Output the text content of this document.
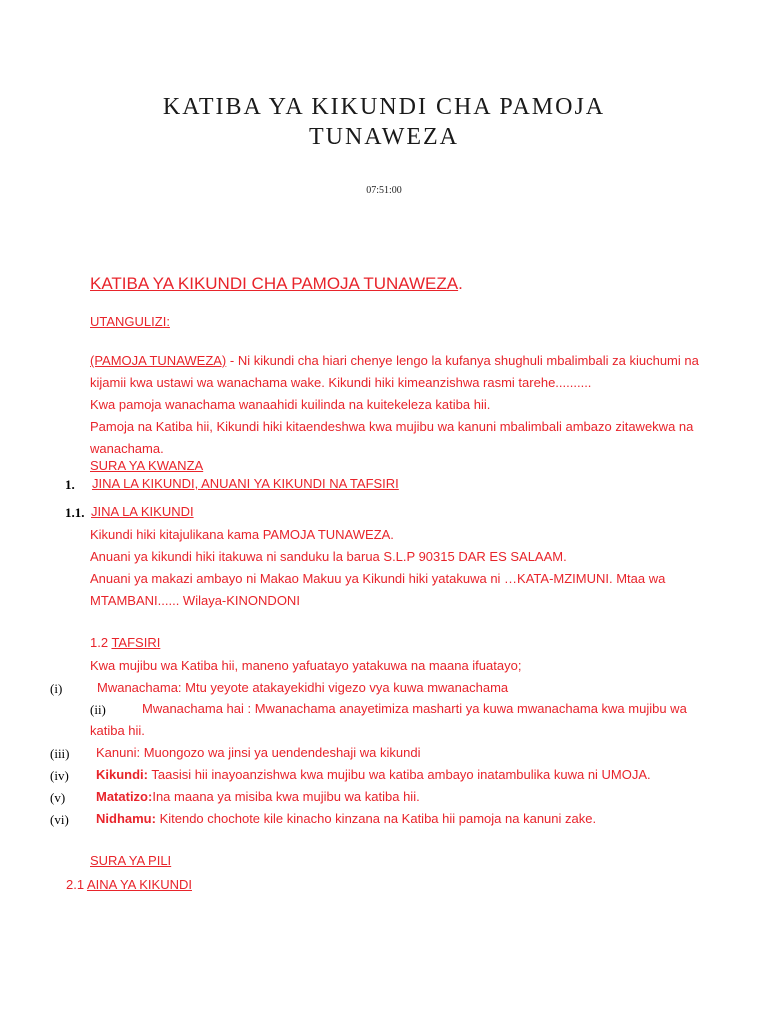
KATIBA YA KIKUNDI CHA PAMOJA
TUNAWEZA
07:51:00
KATIBA YA KIKUNDI CHA PAMOJA TUNAWEZA.
UTANGULIZI:
(PAMOJA TUNAWEZA) - Ni kikundi cha hiari chenye lengo la kufanya shughuli mbalimbali za kiuchumi na
kijamii kwa ustawi wa wanachama wake. Kikundi hiki kimeanzishwa rasmi tarehe..........
Kwa pamoja wanachama wanaahidi kuilinda na kuitekeleza katiba hii.
Pamoja na Katiba hii, Kikundi hiki kitaendeshwa kwa mujibu wa kanuni mbalimbali ambazo zitawekwa na
wanachama.
SURA YA KWANZA
1. JINA LA KIKUNDI, ANUANI YA KIKUNDI NA TAFSIRI
1.1. JINA LA KIKUNDI
Kikundi hiki kitajulikana kama PAMOJA TUNAWEZA.
Anuani ya kikundi hiki itakuwa ni sanduku la barua S.L.P 90315 DAR ES SALAAM.
Anuani ya makazi ambayo ni Makao Makuu ya Kikundi hiki yatakuwa ni …KATA-MZIMUNI. Mtaa wa
MTAMBANI...... Wilaya-KINONDONI
1.2 TAFSIRI
Kwa mujibu wa Katiba hii, maneno yafuatayo yatakuwa na maana ifuatayo;
(i)	Mwanachama: Mtu yeyote atakayekidhi vigezo vya kuwa mwanachama
(ii)	Mwanachama hai : Mwanachama anayetimiza masharti ya kuwa mwanachama kwa mujibu wa
katiba hii.
(iii) Kanuni: Muongozo wa jinsi ya uendendeshaji wa kikundi
(iv) Kikundi: Taasisi hii inayoanzishwa kwa mujibu wa katiba ambayo inatambulika kuwa ni UMOJA.
(v) Matatizo:Ina maana ya misiba kwa mujibu wa katiba hii.
(vi) Nidhamu: Kitendo chochote kile kinacho kinzana na Katiba hii pamoja na kanuni zake.
SURA YA PILI
2.1 AINA YA KIKUNDI
